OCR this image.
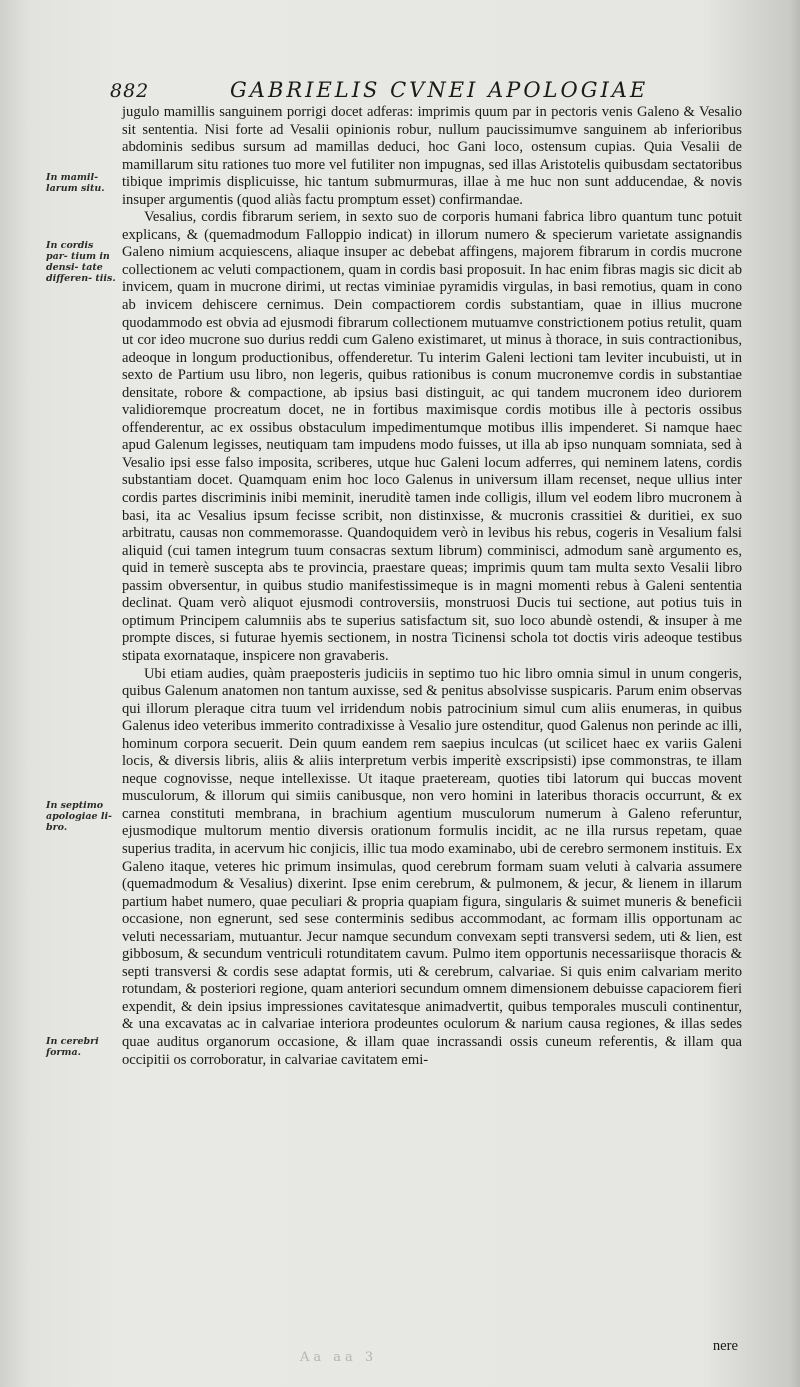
882	GABRIELIS CVNEI APOLOGIAE
In mamil- larum situ.
In cordis par- tium in densi- tate differen- tiis.
In septimo apologiae li- bro.
In cerebri forma.

jugulo mamillis sanguinem porrigi docet adferas: imprimis quum par in pectoris venis Galeno & Vesalio sit sententia. Nisi forte ad Vesalii opinionis robur, nullum paucissimumve sanguinem ab inferioribus abdominis sedibus sursum ad mamillas deduci, hoc Gani loco, ostensum cupias. Quia Vesalii de mamillarum situ rationes tuo more vel futiliter non impugnas, sed illas Aristotelis quibusdam sectatoribus tibique imprimis displicuisse, hic tantum submurmuras, illae à me huc non sunt adducendae, & novis insuper argumentis (quod aliàs factu promptum esset) confirmandae.

Vesalius, cordis fibrarum seriem, in sexto suo de corporis humani fabrica libro quantum tunc potuit explicans, & (quemadmodum Falloppio indicat) in illorum numero & specierum varietate assignandis Galeno nimium acquiescens, aliaque insuper ac debebat affingens, majorem fibrarum in cordis mucrone collectionem ac veluti compactionem, quam in cordis basi proposuit. In hac enim fibras magis sic dicit ab invicem, quam in mucrone dirimi, ut rectas viminiae pyramidis virgulas, in basi remotius, quam in cono ab invicem dehiscere cernimus. Dein compactiorem cordis substantiam, quae in illius mucrone quodammodo est obvia ad ejusmodi fibrarum collectionem mutuamve constrictionem potius retulit, quam ut cor ideo mucrone suo durius reddi cum Galeno existimaret, ut minus à thorace, in suis contractionibus, adeoque in longum productionibus, offenderetur. Tu interim Galeni lectioni tam leviter incubuisti, ut in sexto de Partium usu libro, non legeris, quibus rationibus is conum mucronemve cordis in substantiae densitate, robore & compactione, ab ipsius basi distinguit, ac qui tandem mucronem ideo duriorem validioremque procreatum docet, ne in fortibus maximisque cordis motibus ille à pectoris ossibus offenderentur, ac ex ossibus obstaculum impedimentumque motibus illis impenderet. Si namque haec apud Galenum legisses, neutiquam tam impudens modo fuisses, ut illa ab ipso nunquam somniata, sed à Vesalio ipsi esse falso imposita, scriberes, utque huc Galeni locum adferres, qui neminem latens, cordis substantiam docet. Quamquam enim hoc loco Galenus in universum illam recenset, neque ullius inter cordis partes discriminis inibi meminit, ineruditè tamen inde colligis, illum vel eodem libro mucronem à basi, ita ac Vesalius ipsum fecisse scribit, non distinxisse, & mucronis crassitiei & duritiei, ex suo arbitratu, causas non commemorasse. Quandoquidem verò in levibus his rebus, cogeris in Vesalium falsi aliquid (cui tamen integrum tuum consacras sextum librum) comminisci, admodum sanè argumento es, quid in temerè suscepta abs te provincia, praestare queas; imprimis quum tam multa sexto Vesalii libro passim obversentur, in quibus studio manifestissimeque is in magni momenti rebus à Galeni sententia declinat. Quam verò aliquot ejusmodi controversiis, monstruosi Ducis tui sectione, aut potius tuis in optimum Principem calumniis abs te superius satisfactum sit, suo loco abundè ostendi, & insuper à me prompte disces, si futurae hyemis sectionem, in nostra Ticinensi schola tot doctis viris adeoque testibus stipata exornataque, inspicere non gravaberis.

Ubi etiam audies, quàm praeposteris judiciis in septimo tuo hic libro omnia simul in unum congeris, quibus Galenum anatomen non tantum auxisse, sed & penitus absolvisse suspicaris. Parum enim observas qui illorum pleraque citra tuum vel irridendum nobis patrocinium simul cum aliis enumeras, in quibus Galenus ideo veteribus immerito contradixisse à Vesalio jure ostenditur, quod Galenus non perinde ac illi, hominum corpora secuerit. Dein quum eandem rem saepius inculcas (ut scilicet haec ex variis Galeni locis, & diversis libris, aliis & aliis interpretum verbis imperitè exscripsisti) ipse commonstras, te illam neque cognovisse, neque intellexisse. Ut itaque praeteream, quoties tibi latorum qui buccas movent musculorum, & illorum qui simiis canibusque, non vero homini in lateribus thoracis occurrunt, & ex carnea constituti membrana, in brachium agentium musculorum numerum à Galeno referuntur, ejusmodique multorum mentio diversis orationum formulis incidit, ac ne illa rursus repetam, quae superius tradita, in acervum hic conjicis, illic tua modo examinabo, ubi de cerebro sermonem instituis. Ex Galeno itaque, veteres hic primum insimulas, quod cerebrum formam suam veluti à calvaria assumere (quemadmodum & Vesalius) dixerint. Ipse enim cerebrum, & pulmonem, & jecur, & lienem in illarum partium habet numero, quae peculiari & propria quapiam figura, singularis & suimet muneris & beneficii occasione, non egnerunt, sed sese conterminis sedibus accommodant, ac formam illis opportunam ac veluti necessariam, mutuantur. Jecur namque secundum convexam septi transversi sedem, uti & lien, est gibbosum, & secundum ventriculi rotunditatem cavum. Pulmo item opportunis necessariisque thoracis & septi transversi & cordis sese adaptat formis, uti & cerebrum, calvariae. Si quis enim calvariam merito rotundam, & posteriori regione, quam anteriori secundum omnem dimensionem debuisse capaciorem fieri expendit, & dein ipsius impressiones cavitatesque animadvertit, quibus temporales musculi continentur, & una excavatas ac in calvariae interiora prodeuntes oculorum & narium causa regiones, & illas sedes quae auditus organorum occasione, & illam quae incrassandi ossis cuneum referentis, & illam qua occipitii os corroboratur, in calvariae cavitatem emi-

nere
Aa aa 3
